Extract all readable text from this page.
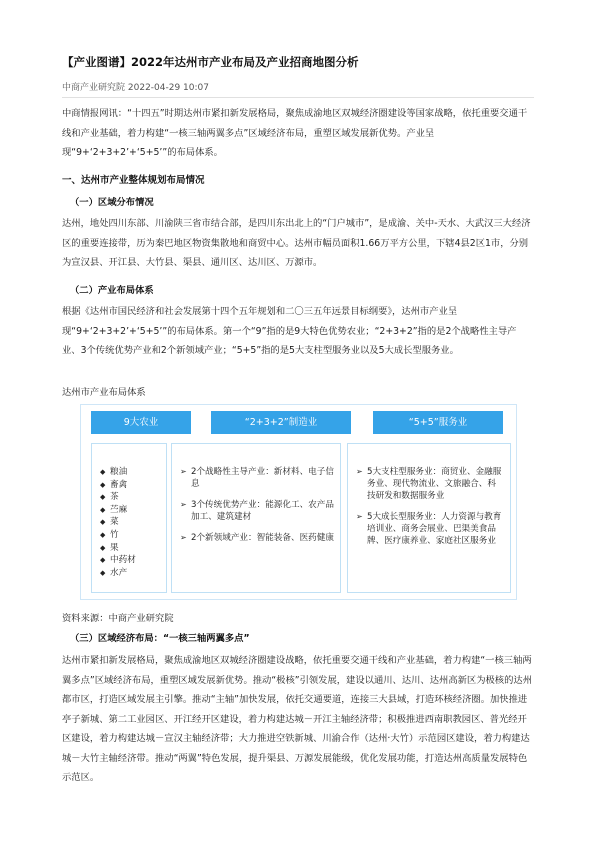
【产业图谱】2022年达州市产业布局及产业招商地图分析
中商产业研究院 2022-04-29 10:07

中商情报网讯：“十四五”时期达州市紧扣新发展格局，聚焦成渝地区双城经济圈建设等国家战略，依托重要交通干线和产业基础，着力构建“一核三轴两翼多点”区域经济布局，重塑区域发展新优势。产业呈现“9+‘2+3+2’+‘5+5’”的布局体系。

一、达州市产业整体规划布局情况
（一）区域分布情况

达州，地处四川东部、川渝陕三省市结合部，是四川东出北上的“门户城市”，是成渝、关中-天水、大武汉三大经济区的重要连接带，历为秦巴地区物资集散地和商贸中心。达州市幅员面积1.66万平方公里，下辖4县2区1市，分别为宣汉县、开江县、大竹县、渠县、通川区、达川区、万源市。

（二）产业布局体系

根据《达州市国民经济和社会发展第十四个五年规划和二〇三五年远景目标纲要》，达州市产业呈现“9+‘2+3+2’+‘5+5’”的布局体系。第一个“9”指的是9大特色优势农业；“2+3+2”指的是2个战略性主导产业、3个传统优势产业和2个新领域产业；“5+5”指的是5大支柱型服务业以及5大成长型服务业。

达州市产业布局体系
9大农业
◆ 粮油
◆ 畜禽
◆ 茶
◆ 苎麻
◆ 菜
◆ 竹
◆ 果
◆ 中药材
◆ 水产
“2+3+2”制造业
➢ 2个战略性主导产业：新材料、电子信息
➢ 3个传统优势产业：能源化工、农产品加工、建筑建材
➢ 2个新领域产业：智能装备、医药健康
“5+5”服务业
➢ 5大支柱型服务业：商贸业、金融服务业、现代物流业、文旅融合、科技研发和数据服务业
➢ 5大成长型服务业：人力资源与教育培训业、商务会展业、巴渠美食品牌、医疗康养业、家庭社区服务业
资料来源：中商产业研究院
（三）区域经济布局：“一核三轴两翼多点”

达州市紧扣新发展格局，聚焦成渝地区双城经济圈建设战略，依托重要交通干线和产业基础，着力构建“一核三轴两翼多点”区域经济布局，重塑区域发展新优势。推动“极核”引领发展，建设以通川、达川、达州高新区为极核的达州都市区，打造区域发展主引擎。推动“主轴”加快发展，依托交通要道，连接三大县域，打造环核经济圈。加快推进亭子新城、第二工业园区、开江经开区建设，着力构建达城－开江主轴经济带；积极推进西南职教园区、普光经开区建设，着力构建达城－宣汉主轴经济带；大力推进空铁新城、川渝合作（达州·大竹）示范园区建设，着力构建达城－大竹主轴经济带。推动“两翼”特色发展，提升渠县、万源发展能级，优化发展功能，打造达州高质量发展特色示范区。
